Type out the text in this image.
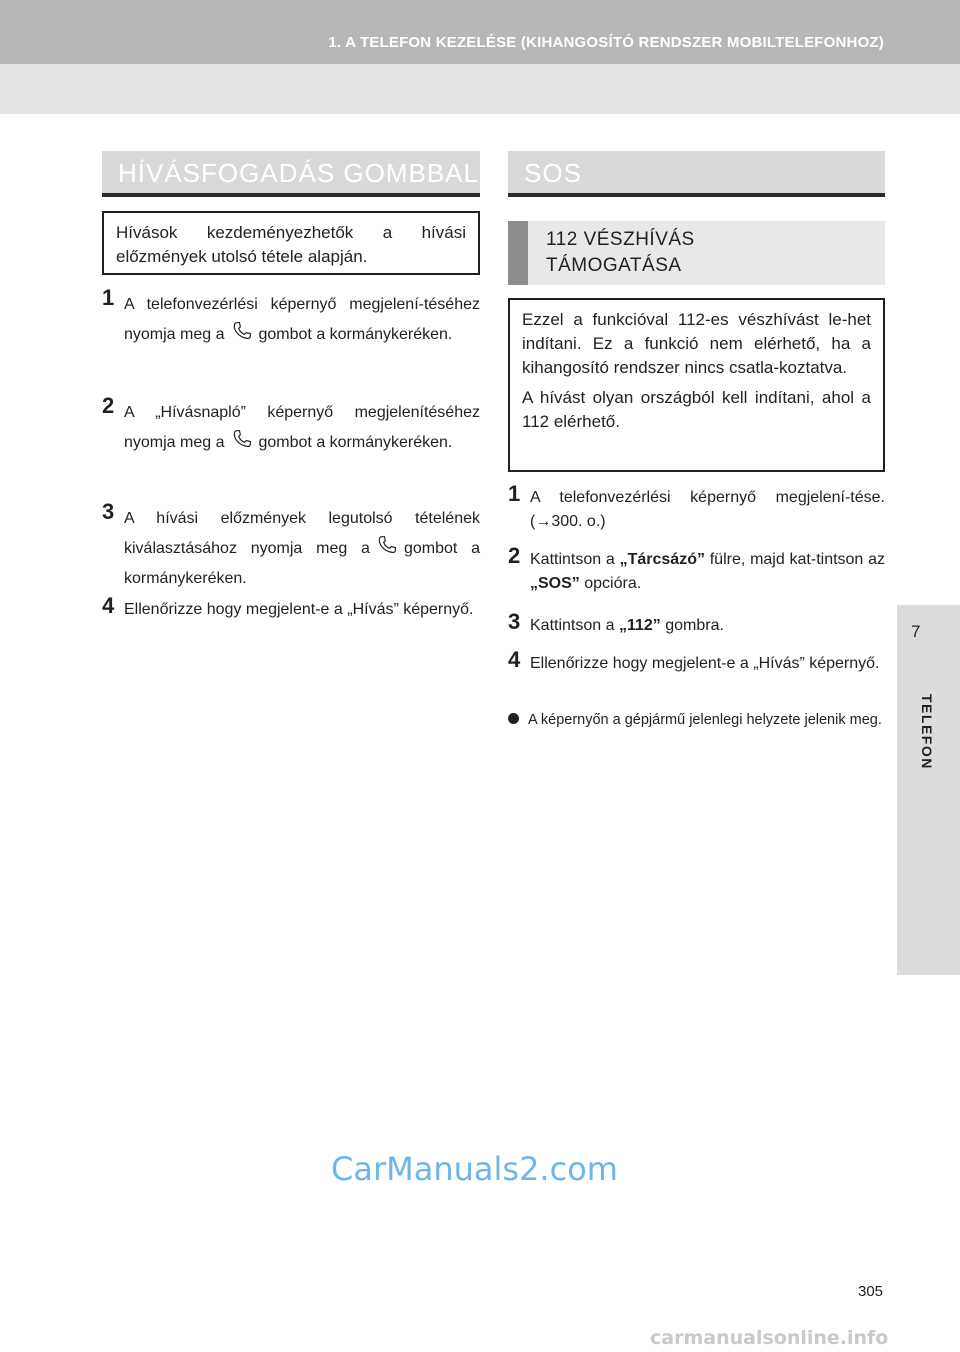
1. A TELEFON KEZELÉSE (KIHANGOSÍTÓ RENDSZER MOBILTELEFONHOZ)
HÍVÁSFOGADÁS GOMBBAL

Hívások kezdeményezhetők a hívási előzmények utolsó tétele alapján.

1 A telefonvezérlési képernyő megjelení-téséhez nyomja meg a gombot a kormánykeréken.
2 A „Hívásnapló” képernyő megjelenítéséhez nyomja meg a gombot a kormánykeréken.
3 A hívási előzmények legutolsó tételének kiválasztásához nyomja meg a gombot a kormánykeréken.
4 Ellenőrizze hogy megjelent-e a „Hívás” képernyő.
SOS
112 VÉSZHÍVÁS
TÁMOGATÁSA

Ezzel a funkcióval 112-es vészhívást le-het indítani. Ez a funkció nem elérhető, ha a kihangosító rendszer nincs csatla-koztatva.

A hívást olyan országból kell indítani, ahol a 112 elérhető.

1 A telefonvezérlési képernyő megjelení-tése. (→300. o.)
2 Kattintson a „Tárcsázó” fülre, majd kat-tintson az „SOS” opcióra.
3 Kattintson a „112” gombra.
4 Ellenőrizze hogy megjelent-e a „Hívás” képernyő.
A képernyőn a gépjármű jelenlegi helyzete jelenik meg.
7
TELEFON
CarManuals2.com
305
carmanualsonline.info
